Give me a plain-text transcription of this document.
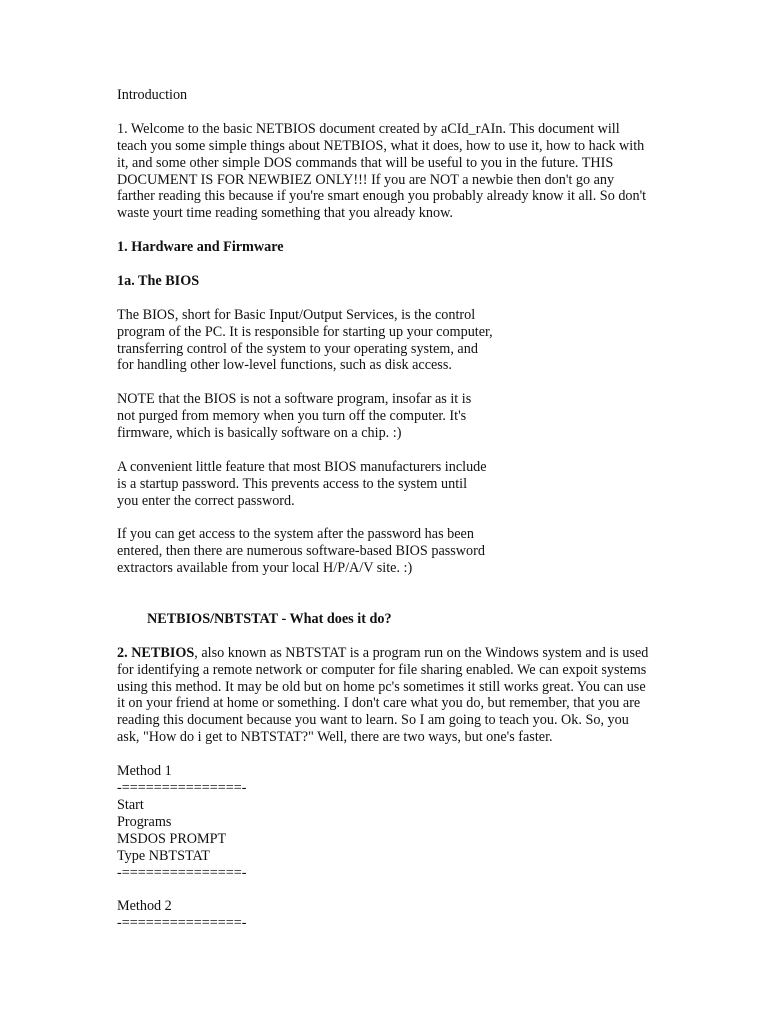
Introduction

1. Welcome to the basic NETBIOS document created by aCId_rAIn. This document will
teach you some simple things about NETBIOS, what it does, how to use it, how to hack with
it, and some other simple DOS commands that will be useful to you in the future. THIS
DOCUMENT IS FOR NEWBIEZ ONLY!!! If you are NOT a newbie then don't go any
farther reading this because if you're smart enough you probably already know it all. So don't
waste yourt time reading something that you already know.

1. Hardware and Firmware

1a. The BIOS

The BIOS, short for Basic Input/Output Services, is the control
program of the PC. It is responsible for starting up your computer,
transferring control of the system to your operating system, and
for handling other low-level functions, such as disk access.

NOTE that the BIOS is not a software program, insofar as it is
not purged from memory when you turn off the computer. It's
firmware, which is basically software on a chip. :)

A convenient little feature that most BIOS manufacturers include
is a startup password. This prevents access to the system until
you enter the correct password.

If you can get access to the system after the password has been
entered, then there are numerous software-based BIOS password
extractors available from your local H/P/A/V site. :)

NETBIOS/NBTSTAT - What does it do?

2. NETBIOS, also known as NBTSTAT is a program run on the Windows system and is used
for identifying a remote network or computer for file sharing enabled. We can expoit systems
using this method. It may be old but on home pc's sometimes it still works great. You can use
it on your friend at home or something. I don't care what you do, but remember, that you are
reading this document because you want to learn. So I am going to teach you. Ok. So, you
ask, "How do i get to NBTSTAT?" Well, there are two ways, but one's faster.

Method 1
-===============-
Start
Programs
MSDOS PROMPT
Type NBTSTAT
-===============-
Method 2
-===============-
